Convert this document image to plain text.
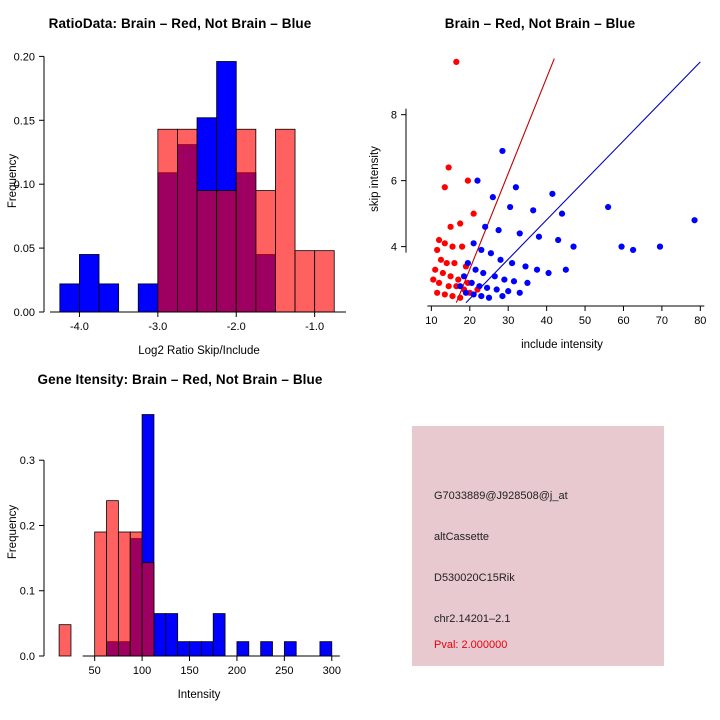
RatioData: Brain – Red, Not Brain – Blue
-4.0	-3.0	-2.0	-1.0
0.00
0.05
0.10
0.15
0.20
Log2 Ratio Skip/Include
Frequency
Brain – Red, Not Brain – Blue
10 20 30 40 50 60 70 80
4
6
8
include intensity
skip intensity
Gene Itensity: Brain – Red, Not Brain – Blue
50	100	150	200	250	300
0.0
0.1
0.2
0.3
Intensity
Frequency
G7033889@J928508@j_at
altCassette
D530020C15Rik
chr2.14201–2.1
Pval: 2.000000
